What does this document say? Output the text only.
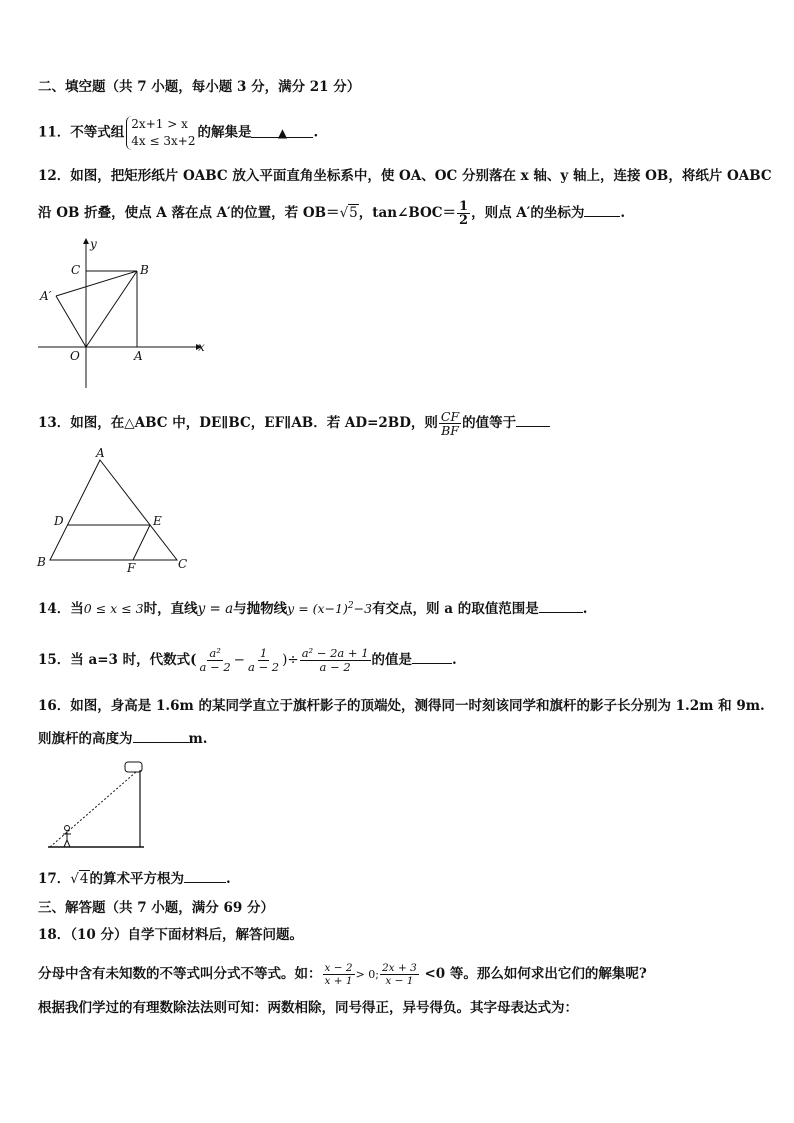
二、填空题（共 7 小题，每小题 3 分，满分 21 分）
11．不等式组
2x+1 > x
4x ≤ 3x+2
的解集是 ▲ .
12．如图，把矩形纸片 OABC 放入平面直角坐标系中，使 OA、OC 分别落在 x 轴、y 轴上，连接 OB，将纸片 OABC
沿 OB 折叠，使点 A 落在点 A′的位置，若 OB＝√5，tan∠BOC＝ $\frac{1}{2}$ ，则点 A′的坐标为	.
y
x
C	B
A′
O	A
13．如图，在△ABC 中，DE∥BC，EF∥AB．若 AD=2BD，则 $\frac{CF}{BF}$ 的值等于
A
D	E
B	F	C
14．当0 ≤ x ≤ 3时，直线y = a与抛物线$y = (x-1)^2-3$有交点，则 a 的取值范围是	.
15．当 a=3 时，代数式( $\frac{\text{a²}}{a - 2} - \frac{1}{a - 2}$ )÷ $\frac{\text{a² − 2a + 1}}{a - 2}$ 的值是	.
16．如图，身高是 1.6m 的某同学直立于旗杆影子的顶端处，测得同一时刻该同学和旗杆的影子长分别为 1.2m 和 9m.
则旗杆的高度为	m.
17．√4的算术平方根为	.
三、解答题（共 7 小题，满分 69 分）
18．（10 分）自学下面材料后，解答问题。
分母中含有未知数的不等式叫分式不等式。如： $\frac{x - 2}{x + 1} > 0$; $\frac{2x + 3}{x - 1} <0$ 等。那么如何求出它们的解集呢?
根据我们学过的有理数除法法则可知：两数相除，同号得正，异号得负。其字母表达式为：
